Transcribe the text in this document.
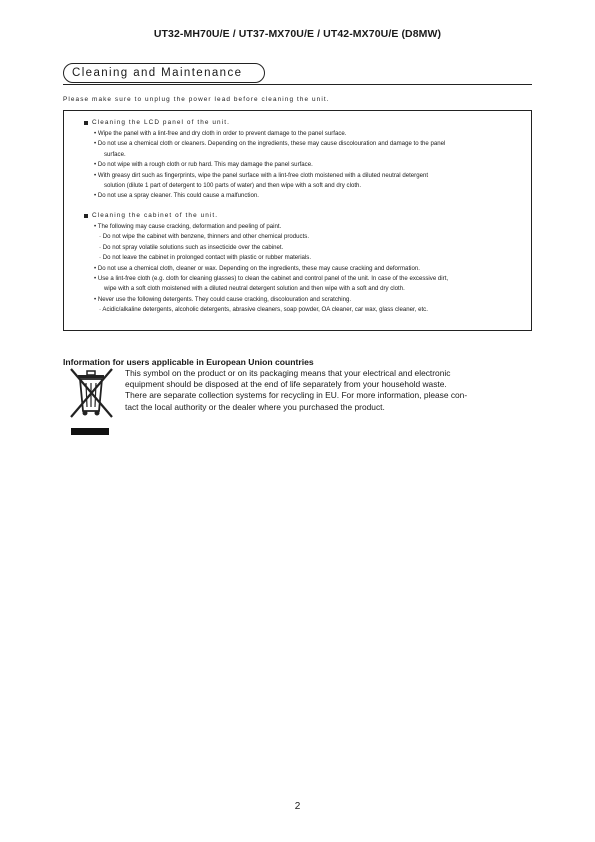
UT32-MH70U/E / UT37-MX70U/E / UT42-MX70U/E (D8MW)
Cleaning and Maintenance
Please make sure to unplug the power lead before cleaning the unit.
Cleaning the LCD panel of the unit.
• Wipe the panel with a lint-free and dry cloth in order to prevent damage to the panel surface.
• Do not use a chemical cloth or cleaners. Depending on the ingredients, these may cause discolouration and damage to the panel
surface.
• Do not wipe with a rough cloth or rub hard. This may damage the panel surface.
• With greasy dirt such as fingerprints, wipe the panel surface with a lint-free cloth moistened with a diluted neutral detergent
solution (dilute 1 part of detergent to 100 parts of water) and then wipe with a soft and dry cloth.
• Do not use a spray cleaner. This could cause a malfunction.
Cleaning the cabinet of the unit.
• The following may cause cracking, deformation and peeling of paint.
· Do not wipe the cabinet with benzene, thinners and other chemical products.
· Do not spray volatile solutions such as insecticide over the cabinet.
· Do not leave the cabinet in prolonged contact with plastic or rubber materials.
• Do not use a chemical cloth, cleaner or wax. Depending on the ingredients, these may cause cracking and deformation.
• Use a lint-free cloth (e.g. cloth for cleaning glasses) to clean the cabinet and control panel of the unit. In case of the excessive dirt,
wipe with a soft cloth moistened with a diluted neutral detergent solution and then wipe with a soft and dry cloth.
• Never use the following detergents. They could cause cracking, discolouration and scratching.
· Acidic/alkaline detergents, alcoholic detergents, abrasive cleaners, soap powder, OA cleaner, car wax, glass cleaner, etc.
Information for users applicable in European Union countries
This symbol on the product or on its packaging means that your electrical and electronic
equipment should be disposed at the end of life separately from your household waste.
There are separate collection systems for recycling in EU. For more information, please con-
tact the local authority or the dealer where you purchased the product.
2
